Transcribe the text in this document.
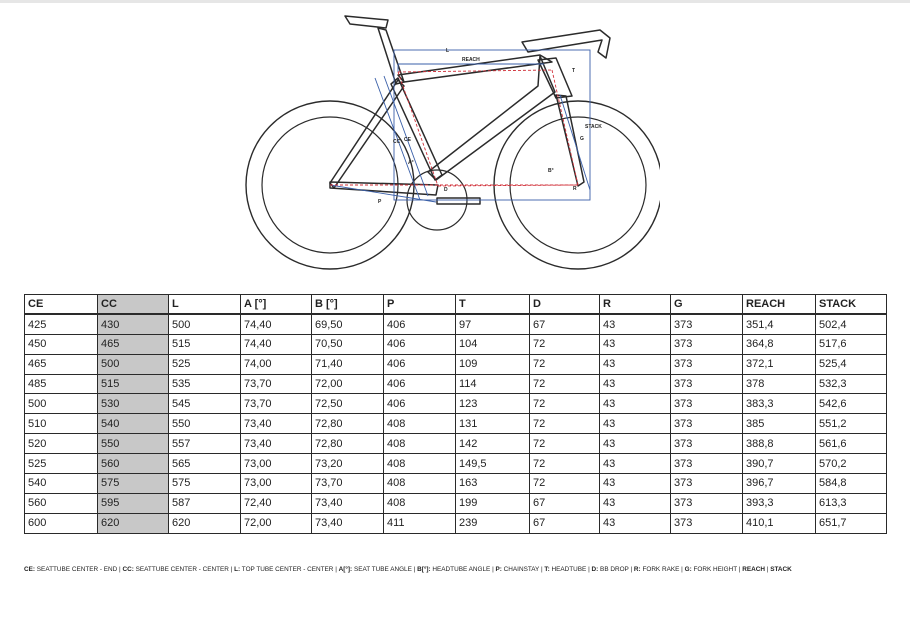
L
REACH
STACK
T
CC CE
A°
B°
P
D	R
G
CE	CC	L	A [°]	B [°]	P	T	D	R	G	REACH	STACK
425	430	500	74,40	69,50	406	97	67	43	373	351,4	502,4
450	465	515	74,40	70,50	406	104	72	43	373	364,8	517,6
465	500	525	74,00	71,40	406	109	72	43	373	372,1	525,4
485	515	535	73,70	72,00	406	114	72	43	373	378	532,3
500	530	545	73,70	72,50	406	123	72	43	373	383,3	542,6
510	540	550	73,40	72,80	408	131	72	43	373	385	551,2
520	550	557	73,40	72,80	408	142	72	43	373	388,8	561,6
525	560	565	73,00	73,20	408	149,5	72	43	373	390,7	570,2
540	575	575	73,00	73,70	408	163	72	43	373	396,7	584,8
560	595	587	72,40	73,40	408	199	67	43	373	393,3	613,3
600	620	620	72,00	73,40	411	239	67	43	373	410,1	651,7
CE: SEATTUBE CENTER - END | CC: SEATTUBE CENTER - CENTER | L: TOP TUBE CENTER - CENTER | A[°]: SEAT TUBE ANGLE | B[°]: HEADTUBE ANGLE | P: CHAINSTAY | T: HEADTUBE | D: BB DROP | R: FORK RAKE | G: FORK HEIGHT | REACH | STACK
